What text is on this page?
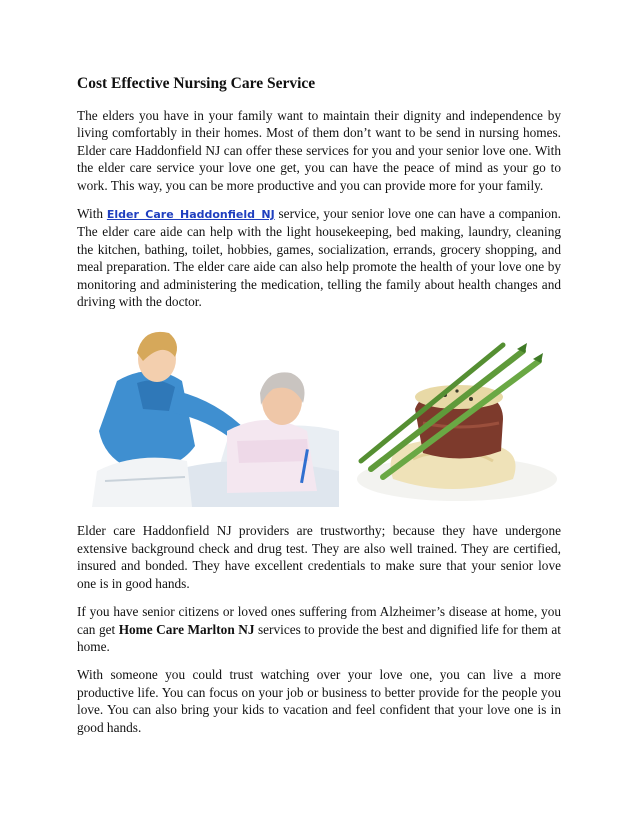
Cost Effective Nursing Care Service

The elders you have in your family want to maintain their dignity and independence by living comfortably in their homes. Most of them don’t want to be send in nursing homes. Elder care Haddonfield NJ can offer these services for you and your senior love one. With the elder care service your love one get, you can have the peace of mind as your go to work. This way, you can be more productive and you can provide more for your family.

With Elder Care Haddonfield NJ service, your senior love one can have a companion. The elder care aide can help with the light housekeeping, bed making, laundry, cleaning the kitchen, bathing, toilet, hobbies, games, socialization, errands, grocery shopping, and meal preparation. The elder care aide can also help promote the health of your love one by monitoring and administering the medication, telling the family about health changes and driving with the doctor.

Elder care Haddonfield NJ providers are trustworthy; because they have undergone extensive background check and drug test. They are also well trained. They are certified, insured and bonded. They have excellent credentials to make sure that your senior love one is in good hands.

If you have senior citizens or loved ones suffering from Alzheimer’s disease at home, you can get Home Care Marlton NJ services to provide the best and dignified life for them at home.

With someone you could trust watching over your love one, you can live a more productive life. You can focus on your job or business to better provide for the people you love. You can also bring your kids to vacation and feel confident that your love one is in good hands.
